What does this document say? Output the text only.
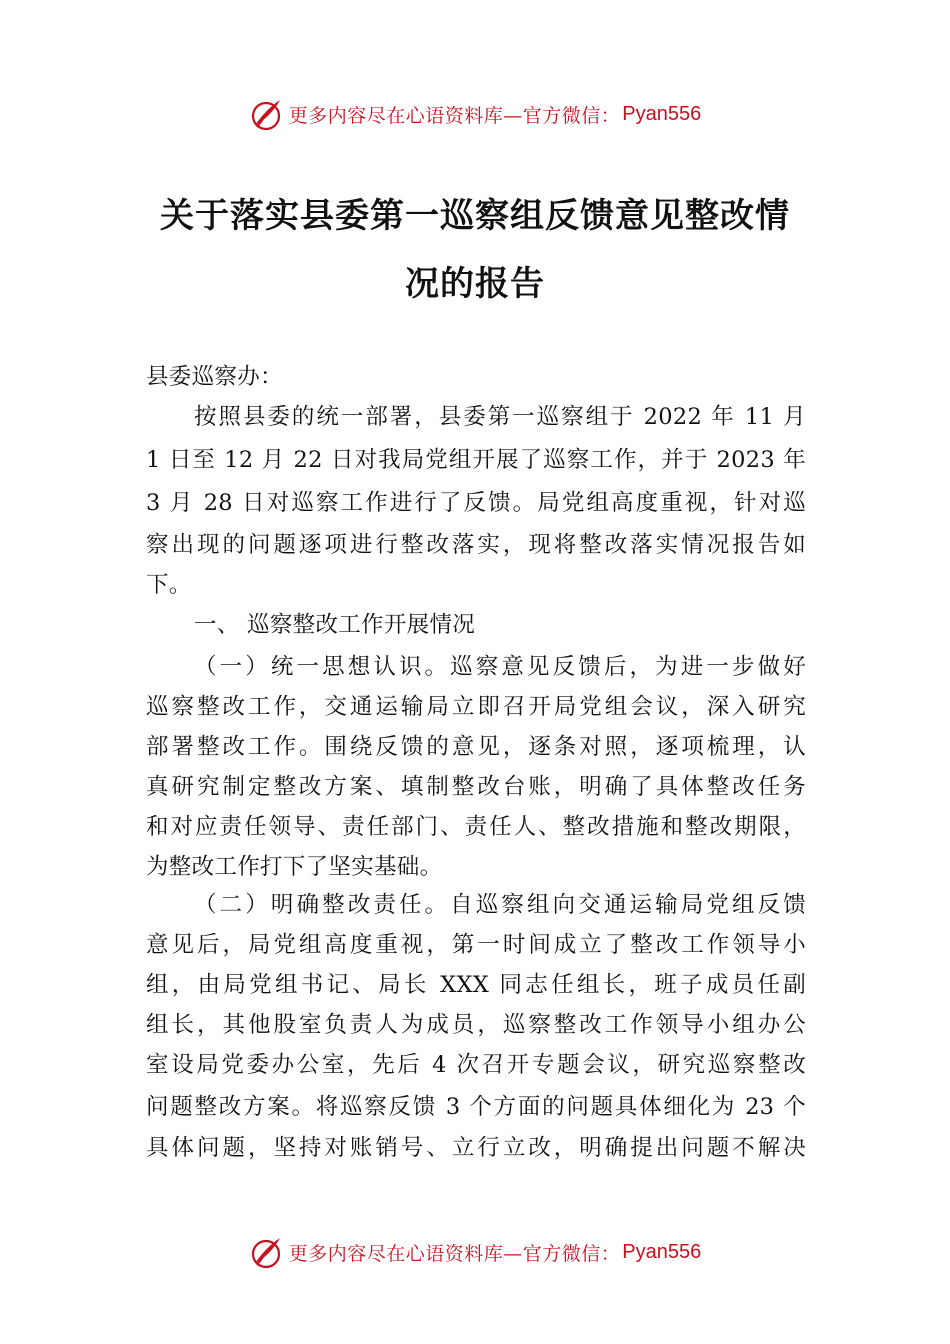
更多内容尽在心语资料库—官方微信： Pyan556
关于落实县委第一巡察组反馈意见整改情
况的报告
县委巡察办：
按照县委的统一部署，县委第一巡察组于 2022 年 11 月
1 日至 12 月 22 日对我局党组开展了巡察工作，并于 2023 年
3 月 28 日对巡察工作进行了反馈。局党组高度重视，针对巡
察出现的问题逐项进行整改落实，现将整改落实情况报告如
下。
一、 巡察整改工作开展情况
（一）统一思想认识。巡察意见反馈后，为进一步做好
巡察整改工作，交通运输局立即召开局党组会议，深入研究
部署整改工作。围绕反馈的意见，逐条对照，逐项梳理，认
真研究制定整改方案、填制整改台账，明确了具体整改任务
和对应责任领导、责任部门、责任人、整改措施和整改期限，
为整改工作打下了坚实基础。
（二）明确整改责任。自巡察组向交通运输局党组反馈
意见后，局党组高度重视，第一时间成立了整改工作领导小
组，由局党组书记、局长 XXX 同志任组长，班子成员任副
组长，其他股室负责人为成员，巡察整改工作领导小组办公
室设局党委办公室，先后 4 次召开专题会议，研究巡察整改
问题整改方案。将巡察反馈 3 个方面的问题具体细化为 23 个
具体问题，坚持对账销号、立行立改，明确提出问题不解决
更多内容尽在心语资料库—官方微信： Pyan556
